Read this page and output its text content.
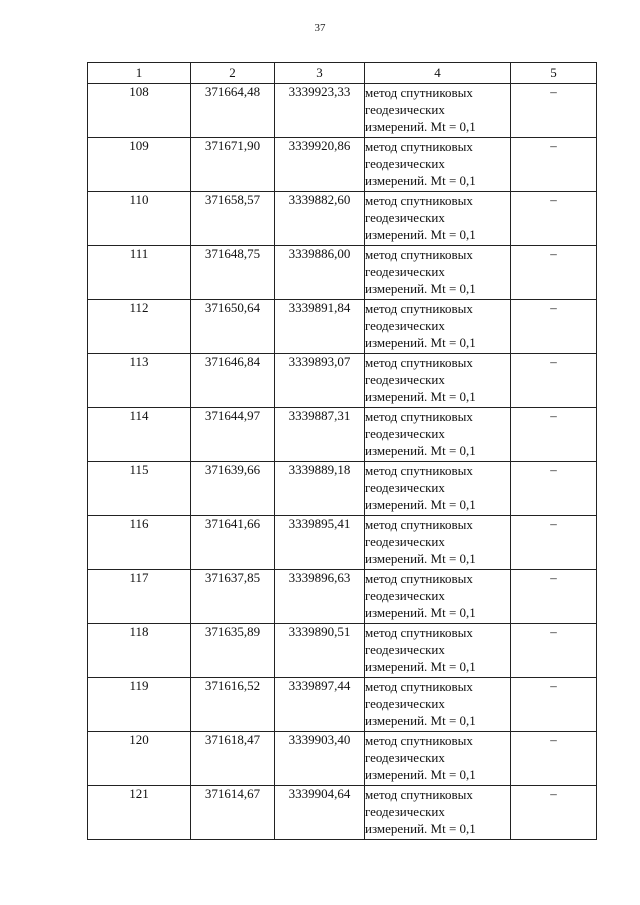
37
1	2	3	4	5
108	371664,48	3339923,33	метод спутниковых
геодезических
измерений. Mt = 0,1	–
109	371671,90	3339920,86	метод спутниковых
геодезических
измерений. Mt = 0,1	–
110	371658,57	3339882,60	метод спутниковых
геодезических
измерений. Mt = 0,1	–
111	371648,75	3339886,00	метод спутниковых
геодезических
измерений. Mt = 0,1	–
112	371650,64	3339891,84	метод спутниковых
геодезических
измерений. Mt = 0,1	–
113	371646,84	3339893,07	метод спутниковых
геодезических
измерений. Mt = 0,1	–
114	371644,97	3339887,31	метод спутниковых
геодезических
измерений. Mt = 0,1	–
115	371639,66	3339889,18	метод спутниковых
геодезических
измерений. Mt = 0,1	–
116	371641,66	3339895,41	метод спутниковых
геодезических
измерений. Mt = 0,1	–
117	371637,85	3339896,63	метод спутниковых
геодезических
измерений. Mt = 0,1	–
118	371635,89	3339890,51	метод спутниковых
геодезических
измерений. Mt = 0,1	–
119	371616,52	3339897,44	метод спутниковых
геодезических
измерений. Mt = 0,1	–
120	371618,47	3339903,40	метод спутниковых
геодезических
измерений. Mt = 0,1	–
121	371614,67	3339904,64	метод спутниковых
геодезических
измерений. Mt = 0,1	–
